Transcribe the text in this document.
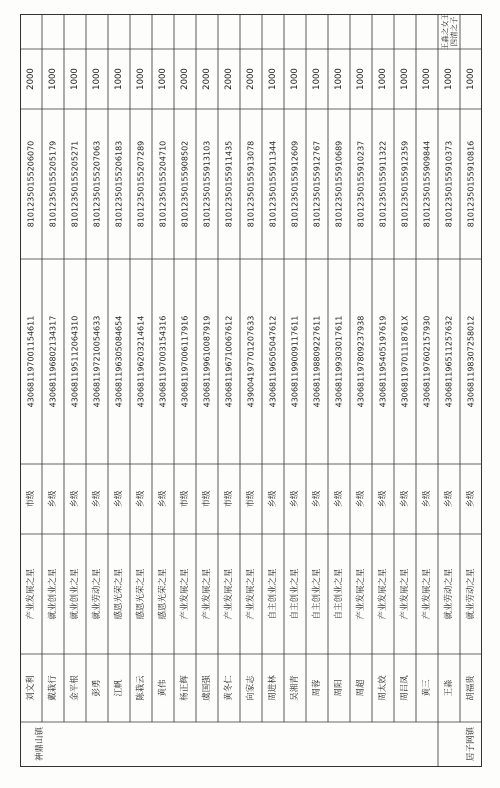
刘文利
产业发展之星
市级
430681197001154611
81012350155206070
2000
戴栽行
就业创业之星
乡级
430681196802134317
81012350155205179
1000
金平根
就业创业之星
乡级
430681195112064310
81012350155205271
1000
彭勇
就业劳动之星
乡级
430681197210054633
81012350155207063
1000
江帆
感恩光荣之星
乡级
430681196305084654
81012350155206183
1000
陈栽云
感恩光荣之星
乡级
430681196203214614
81012350155207289
1000
黄伟
感恩光荣之星
乡级
430681197003154316
81012350155204710
1000
杨正辉
产业发展之星
市级
430681197006117916
81012350155908502
2000
虞国强
产业发展之星
市级
430681199610087919
81012350155913103
2000
黄冬仁
产业发展之星
市级
430681196710067612
81012350155911435
2000
向家志
产业发展之星
市级
439004197701207633
81012350155913078
2000
周进林
自主创业之星
乡级
430681196505047612
81012350155911344
1000
吴湘青
自主创业之星
乡级
430681199009117611
81012350155912609
1000
周蓉
自主创业之星
乡级
430681198809227611
81012350155912767
1000
周阳
自主创业之星
乡级
430681199303017611
81012350155910689
1000
周超
产业发展之星
乡级
430681197809237938
81012350155910237
1000
周太姣
产业发展之星
乡级
430681195405197619
81012350155911322
1000
周吕凤
产业发展之星
乡级
43068119701118761X
81012350155912359
1000
黄三
产业发展之星
乡级
430681197602157930
81012350155909844
1000
王淼
就业劳动之星
乡级
430681196511257632
81012350155910373
1000
王淼之女王 四清之子
胡福贵
就业劳动之星
乡级
430681198307258012
81012350155910816
1000
神鼎山镇	居子网镇
